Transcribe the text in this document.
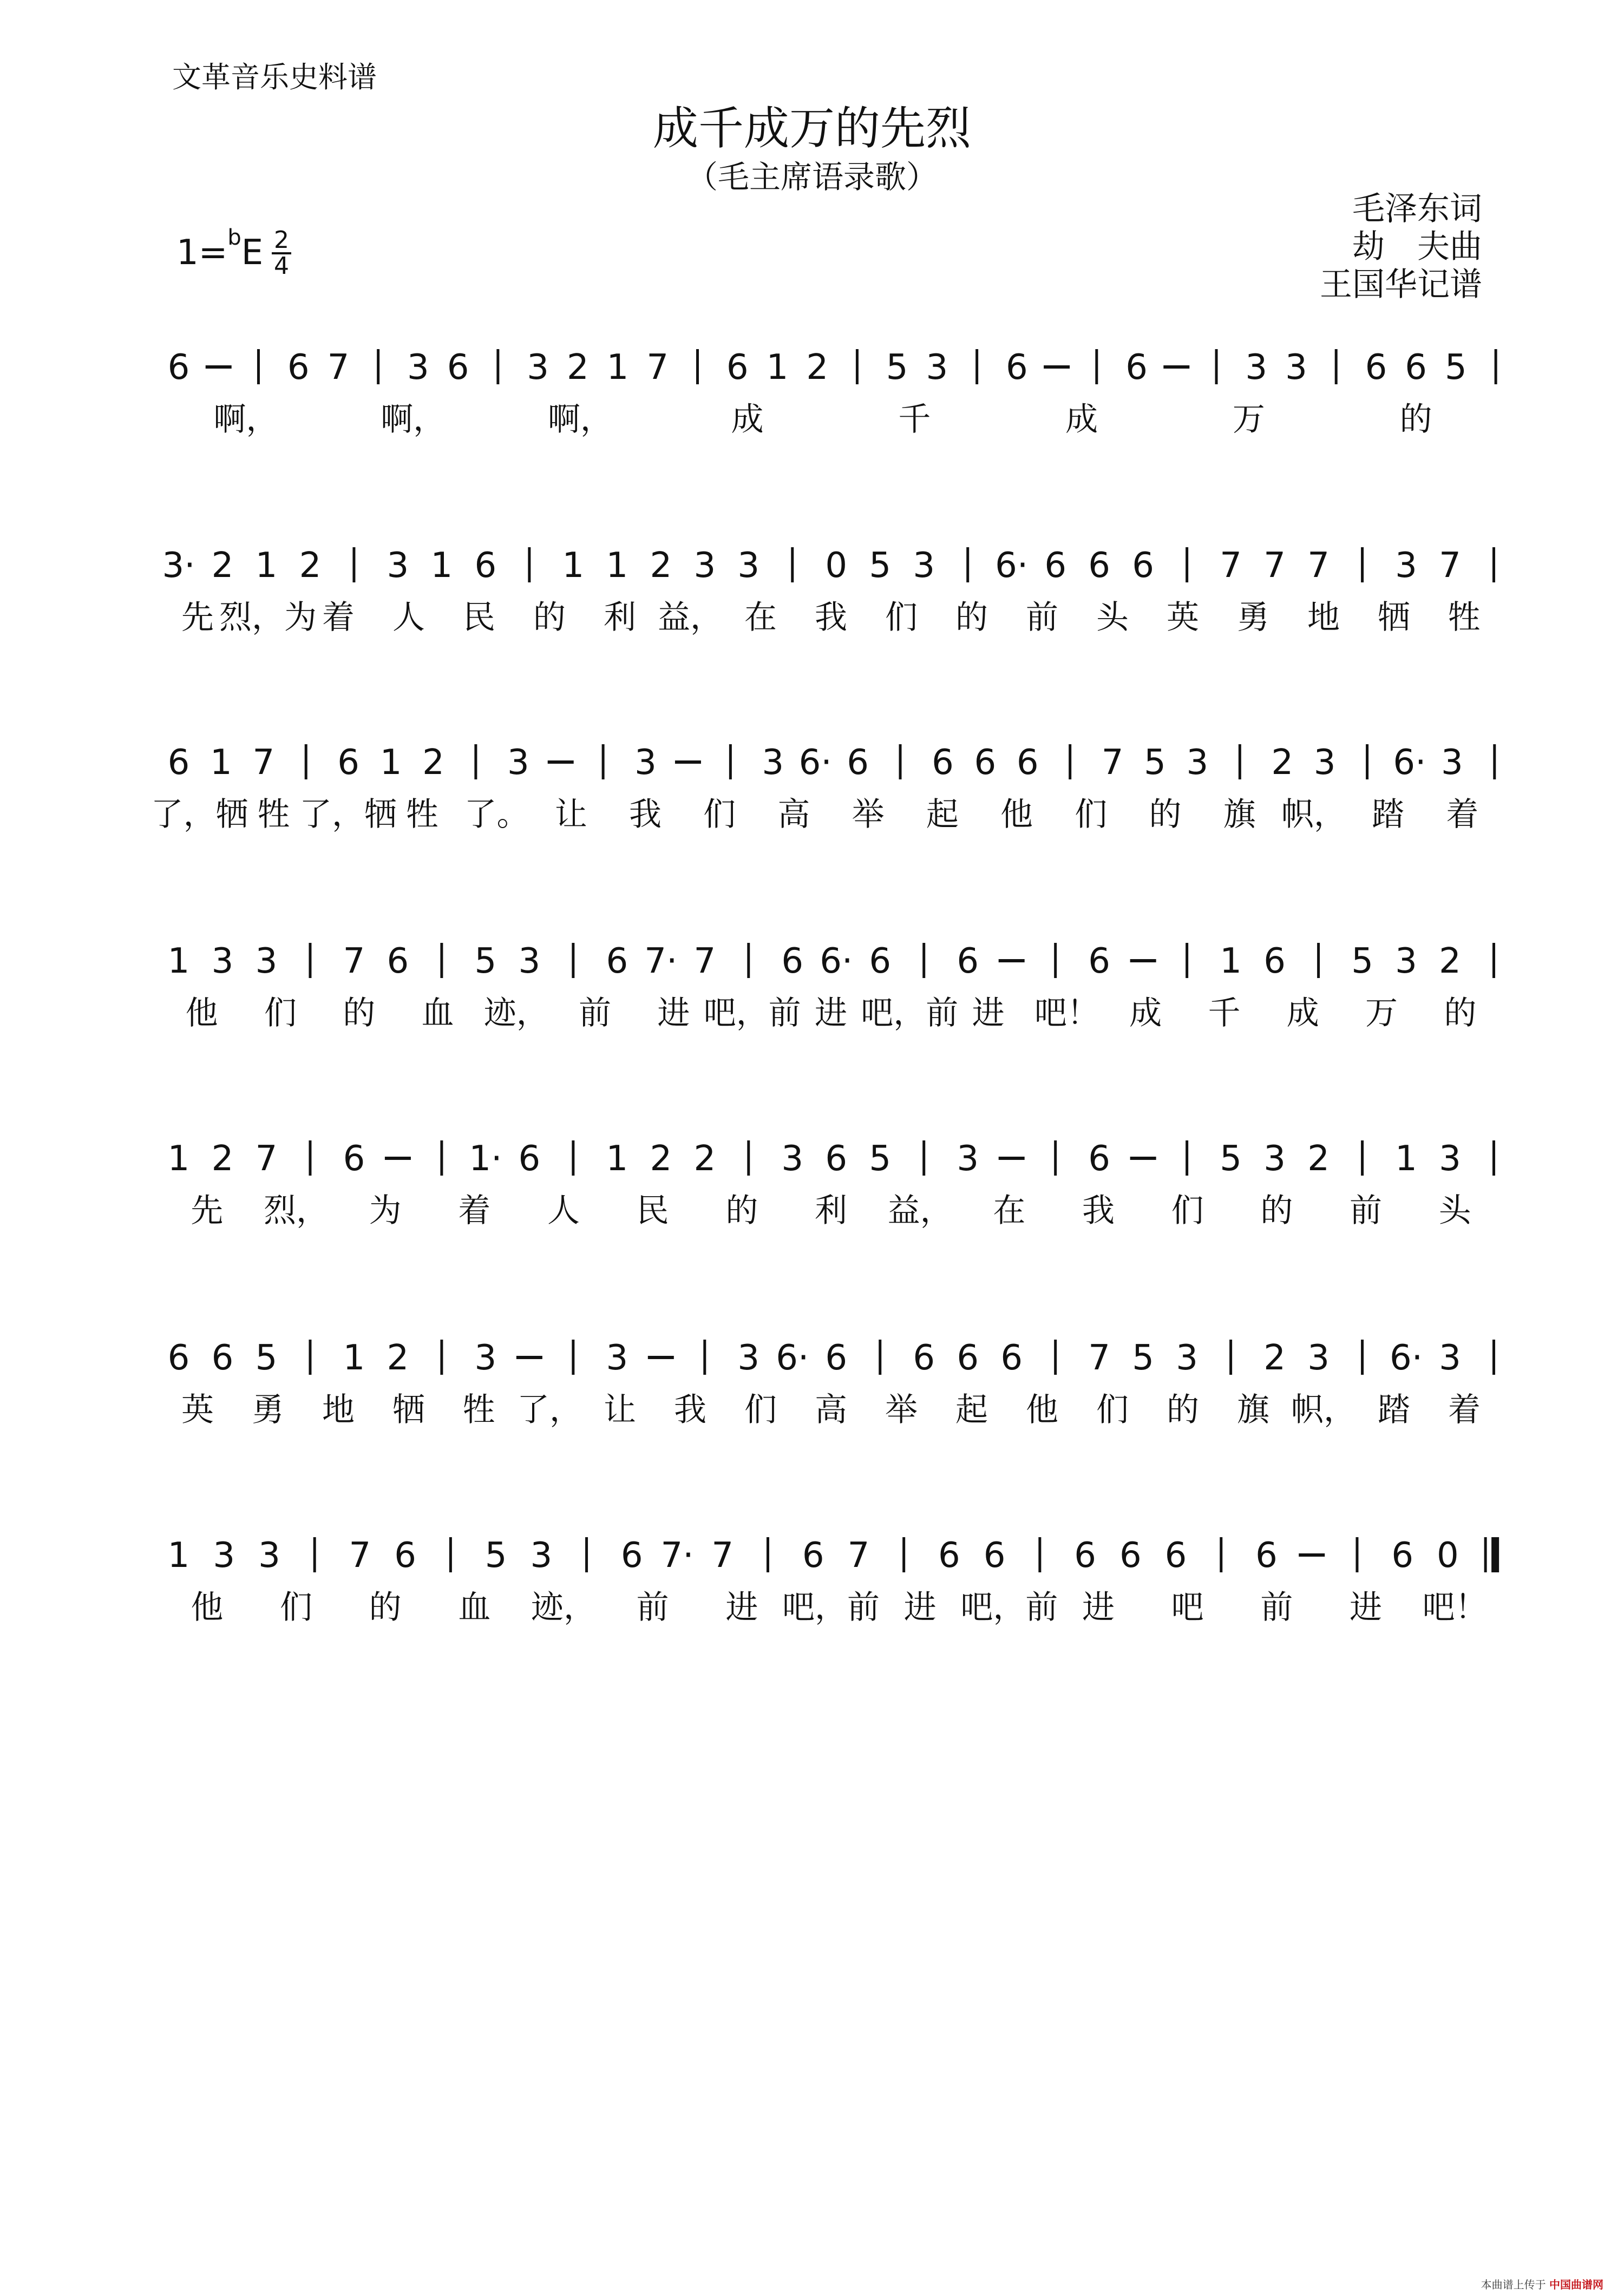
文革音乐史料谱
成千成万的先烈
（毛主席语录歌）
毛泽东词
劫　夫曲
王国华记谱
1=$^b$E 2
4
6	6 7 3 6 3 2 1 7 6 1 2 5 3 6	6	3 3 6 6 5
啊，	啊，	啊，	成	千	成	万	的
3· 2 1 2 3 1 6 1 1 2 3 3 0 5 3 6· 6 6 6 7 7 7 3 7
先 烈，为 着 人 民 的 利 益， 在 我 们 的 前 头 英 勇 地 牺 牲
6 1 7 6 1 2 3	3	3 6· 6 6 6 6 7 5 3 2 3 6· 3
了，牺 牲 了，牺 牲 了。 让 我 们 高 举 起 他 们 的 旗 帜， 踏 着
1 3 3 7 6 5 3 6 7· 7 6 6· 6 6	6	1 6 5 3 2
他 们 的 血 迹， 前 进 吧，前 进 吧，前 进 吧！ 成 千 成 万 的
1 2 7 6	1· 6 1 2 2 3 6 5 3	6	5 3 2 1 3
先 烈， 为 着 人 民 的 利 益， 在 我 们 的 前 头
6 6 5 1 2 3	3	3 6· 6 6 6 6 7 5 3 2 3 6· 3
英 勇 地 牺 牲 了， 让 我 们 高 举 起 他 们 的 旗 帜， 踏 着
1 3 3 7 6 5 3 6 7· 7 6 7 6 6 6 6 6 6	6 0
他 们 的 血 迹， 前 进 吧，前 进 吧，前 进 吧 前 进 吧！
本曲谱上传于 中国曲谱网
